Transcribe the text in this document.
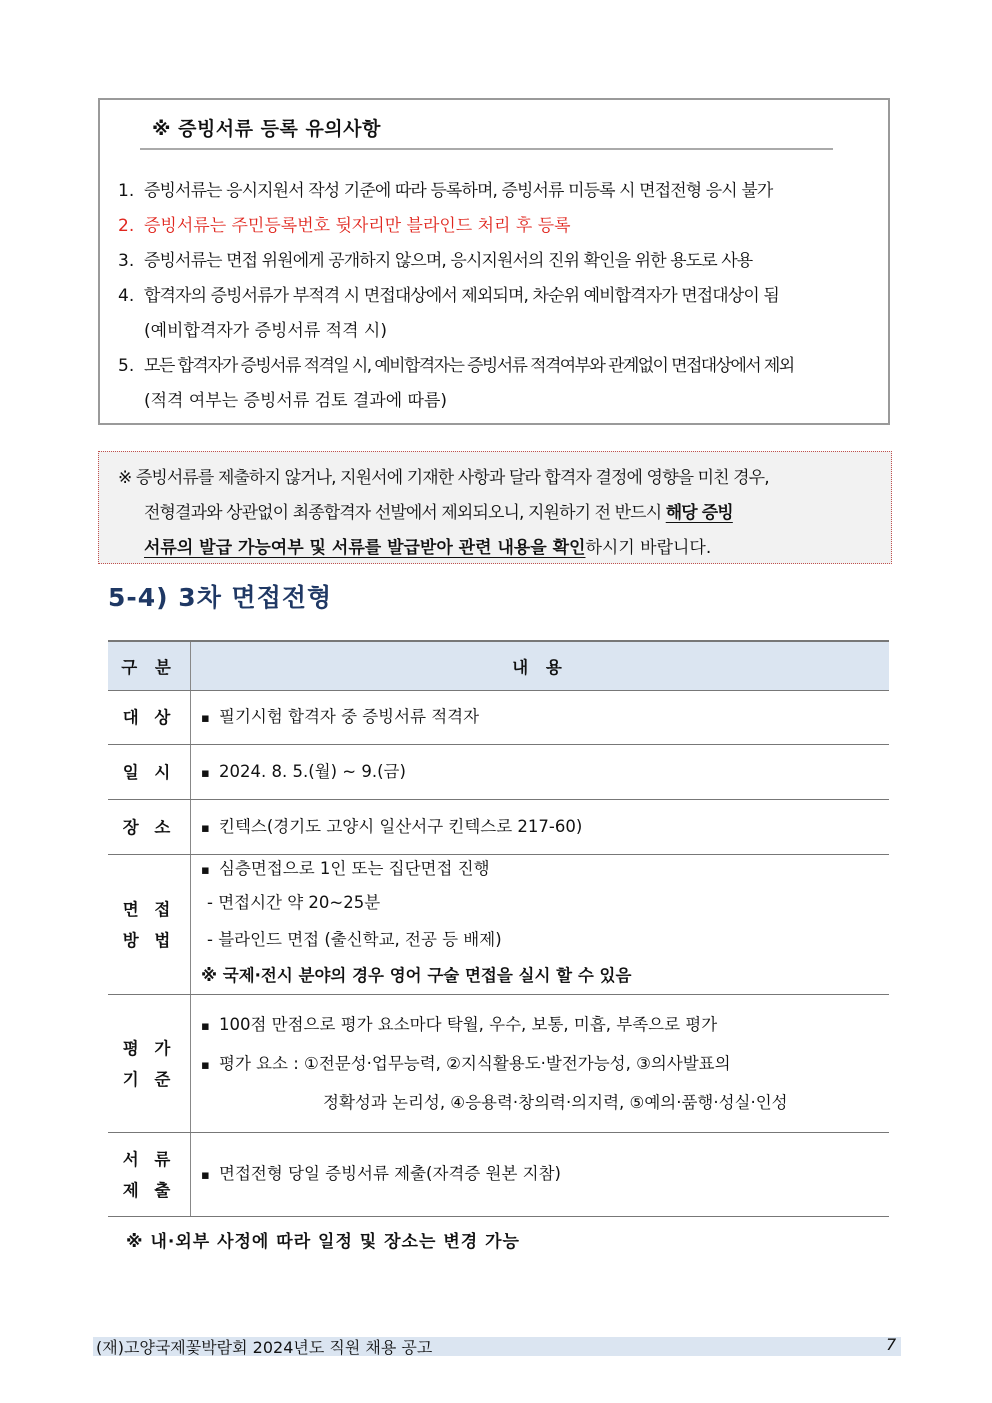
※ 증빙서류 등록 유의사항
1. 증빙서류는 응시지원서 작성 기준에 따라 등록하며, 증빙서류 미등록 시 면접전형 응시 불가
2. 증빙서류는 주민등록번호 뒷자리만 블라인드 처리 후 등록
3. 증빙서류는 면접 위원에게 공개하지 않으며, 응시지원서의 진위 확인을 위한 용도로 사용
4. 합격자의 증빙서류가 부적격 시 면접대상에서 제외되며, 차순위 예비합격자가 면접대상이 됨
(예비합격자가 증빙서류 적격 시)
5. 모든 합격자가 증빙서류 적격일 시, 예비합격자는 증빙서류 적격여부와 관계없이 면접대상에서 제외
(적격 여부는 증빙서류 검토 결과에 따름)
※ 증빙서류를 제출하지 않거나, 지원서에 기재한 사항과 달라 합격자 결정에 영향을 미친 경우,
전형결과와 상관없이 최종합격자 선발에서 제외되오니, 지원하기 전 반드시 해당 증빙
서류의 발급 가능여부 및 서류를 발급받아 관련 내용을 확인하시기 바랍니다.
5-4) 3차 면접전형
구 분	내 용
대 상	▪ 필기시험 합격자 중 증빙서류 적격자

일 시	▪ 2024. 8. 5.(월) ~ 9.(금)

장 소	▪ 킨텍스(경기도 고양시 일산서구 킨텍스로 217-60)

면 접
방 법	▪ 심층면접으로 1인 또는 집단면접 진행
- 면접시간 약 20~25분
- 블라인드 면접 (출신학교, 전공 등 배제)
※ 국제·전시 분야의 경우 영어 구술 면접을 실시 할 수 있음

평 가
기 준	▪ 100점 만점으로 평가 요소마다 탁월, 우수, 보통, 미흡, 부족으로 평가
▪ 평가 요소 : ①전문성·업무능력, ②지식활용도·발전가능성, ③의사발표의
정확성과 논리성, ④응용력·창의력·의지력, ⑤예의·품행·성실·인성

서 류
제 출	▪ 면접전형 당일 증빙서류 제출(자격증 원본 지참)
※ 내·외부 사정에 따라 일정 및 장소는 변경 가능
(재)고양국제꽃박람회 2024년도 직원 채용 공고	7
